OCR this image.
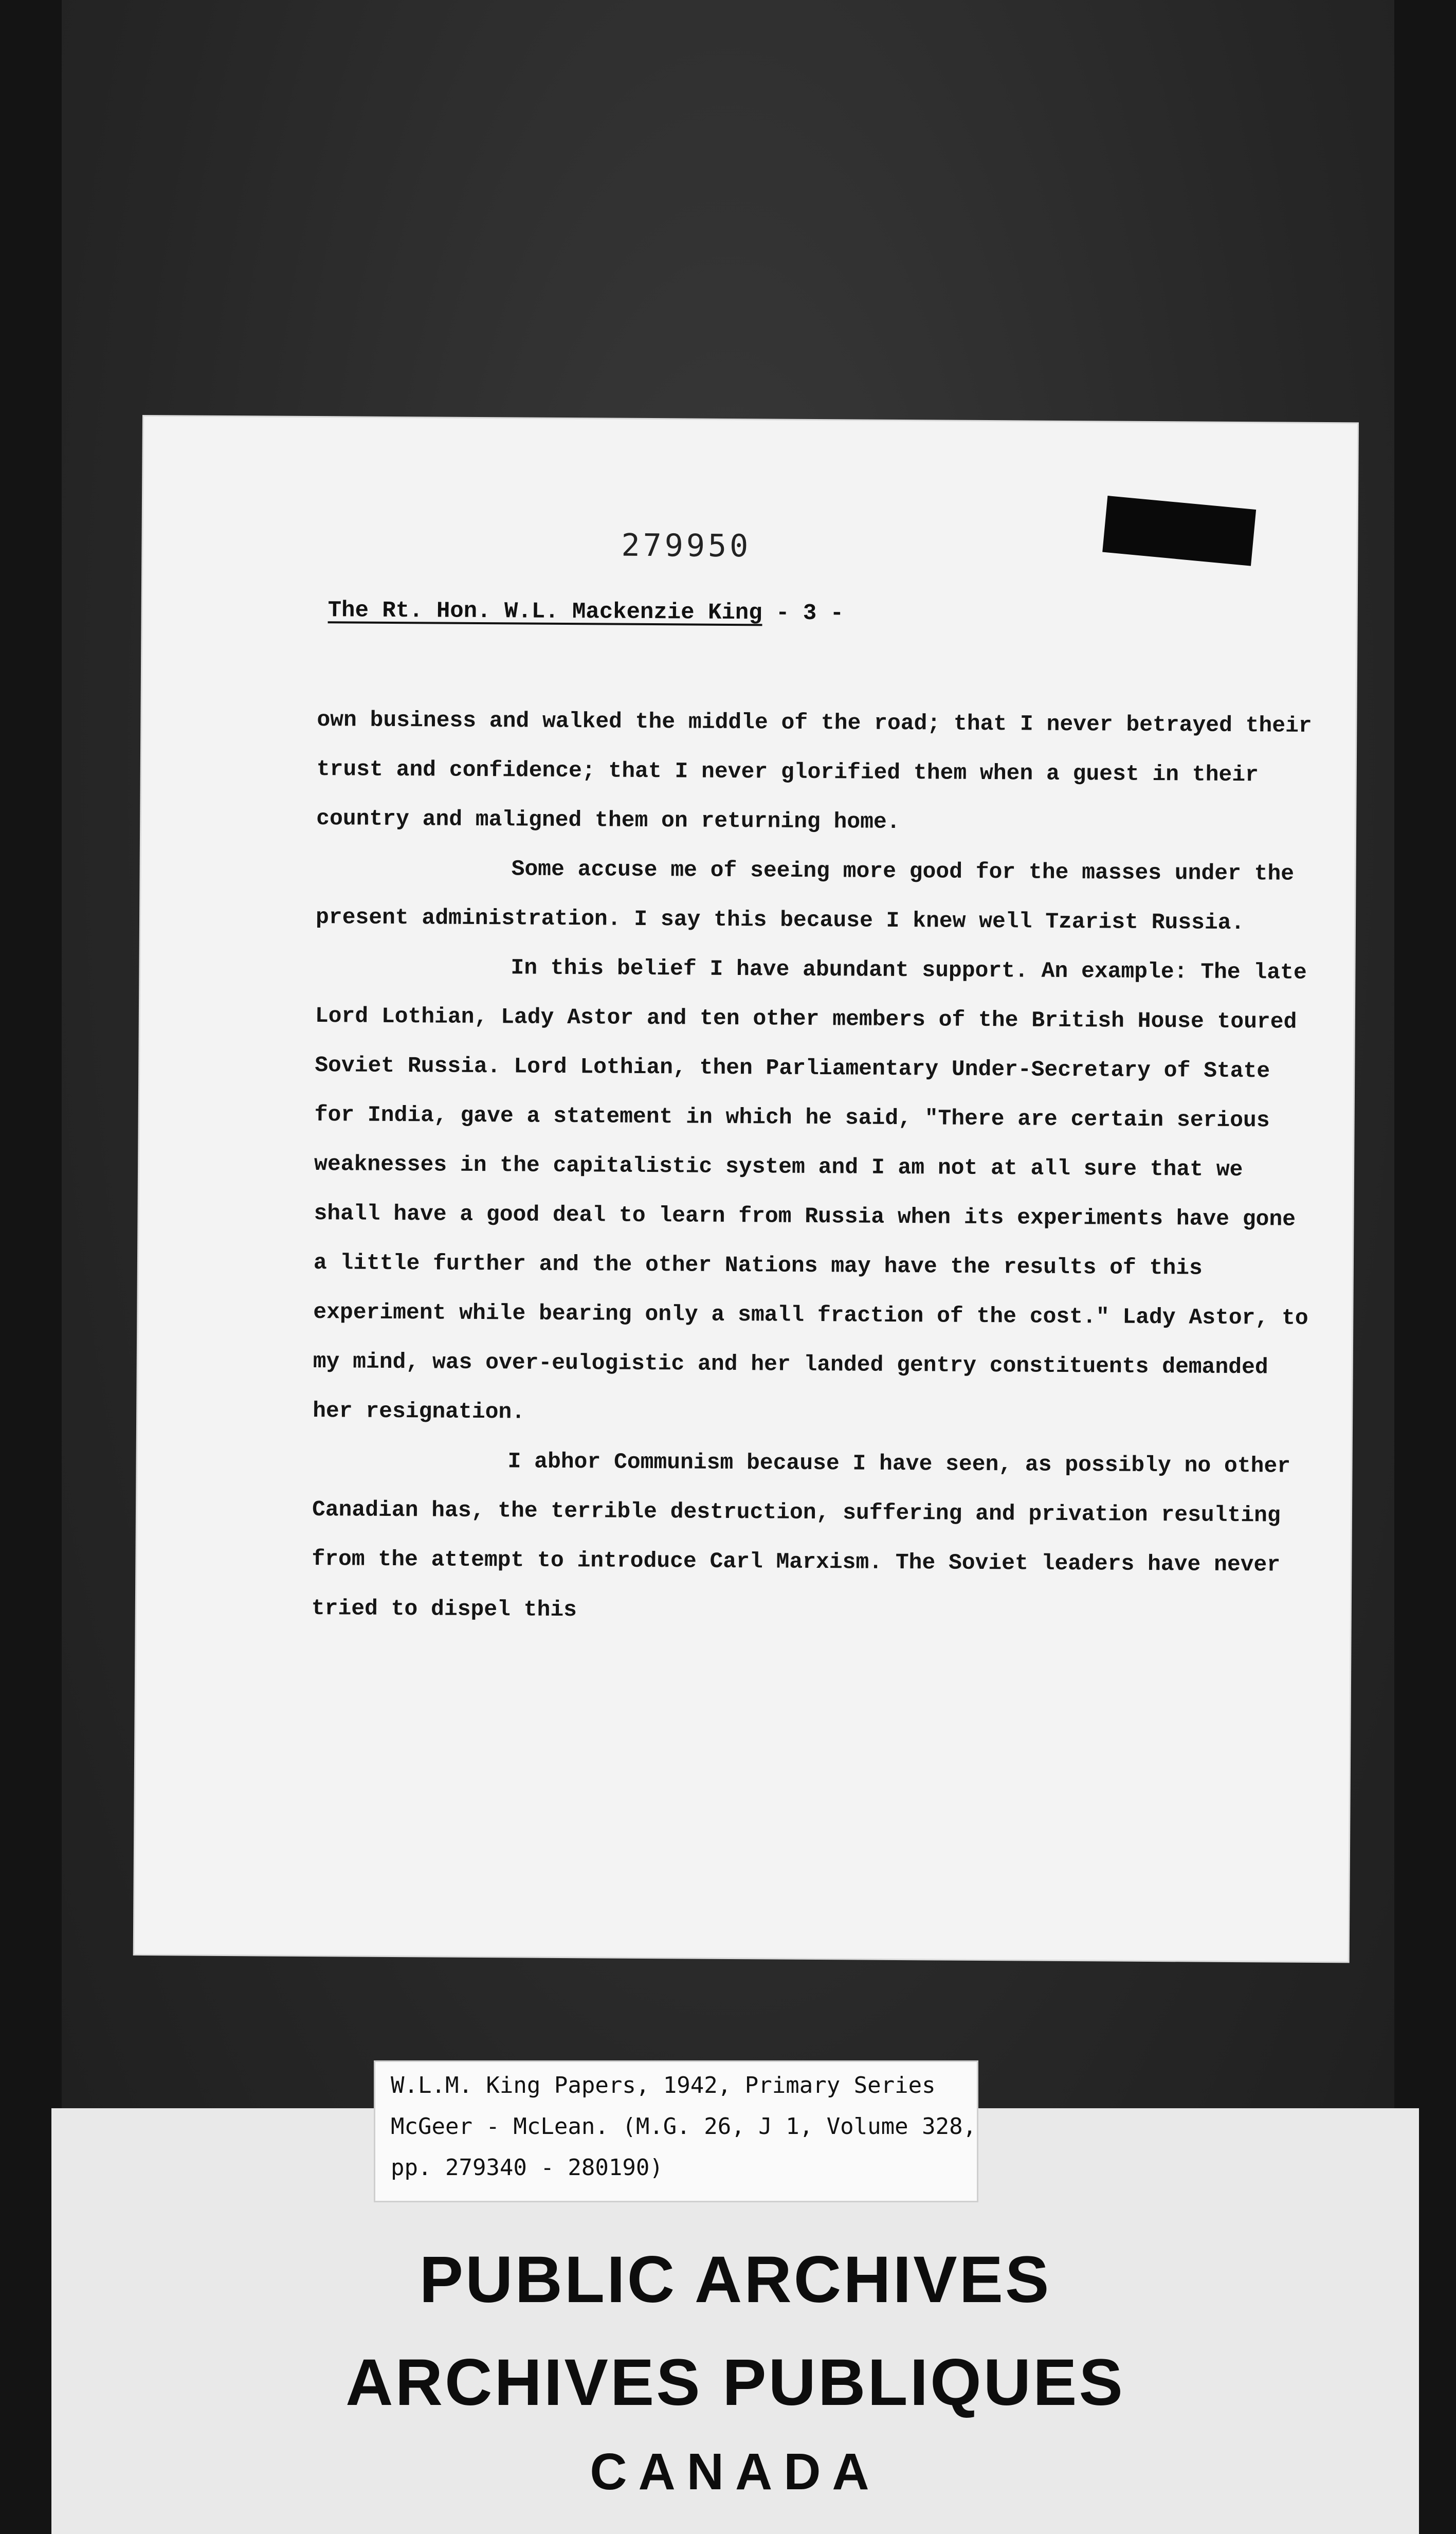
279950
The Rt. Hon. W.L. Mackenzie King - 3 -

own business and walked the middle of the road; that I never betrayed their trust and confidence; that I never glorified them when a guest in their country and maligned them on returning home.

Some accuse me of seeing more good for the masses under the present administration. I say this because I knew well Tzarist Russia.

In this belief I have abundant support. An example: The late Lord Lothian, Lady Astor and ten other members of the British House toured Soviet Russia. Lord Lothian, then Parliamentary Under-Secretary of State for India, gave a statement in which he said, "There are certain serious weaknesses in the capitalistic system and I am not at all sure that we shall have a good deal to learn from Russia when its experiments have gone a little further and the other Nations may have the results of this experiment while bearing only a small fraction of the cost." Lady Astor, to my mind, was over-eulogistic and her landed gentry constituents demanded her resignation.

I abhor Communism because I have seen, as possibly no other Canadian has, the terrible destruction, suffering and privation resulting from the attempt to introduce Carl Marxism. The Soviet leaders have never tried to dispel this

W.L.M. King Papers, 1942, Primary Series
McGeer - McLean. (M.G. 26, J 1, Volume 328,
pp. 279340 - 280190)
PUBLIC ARCHIVES
ARCHIVES PUBLIQUES
CANADA
